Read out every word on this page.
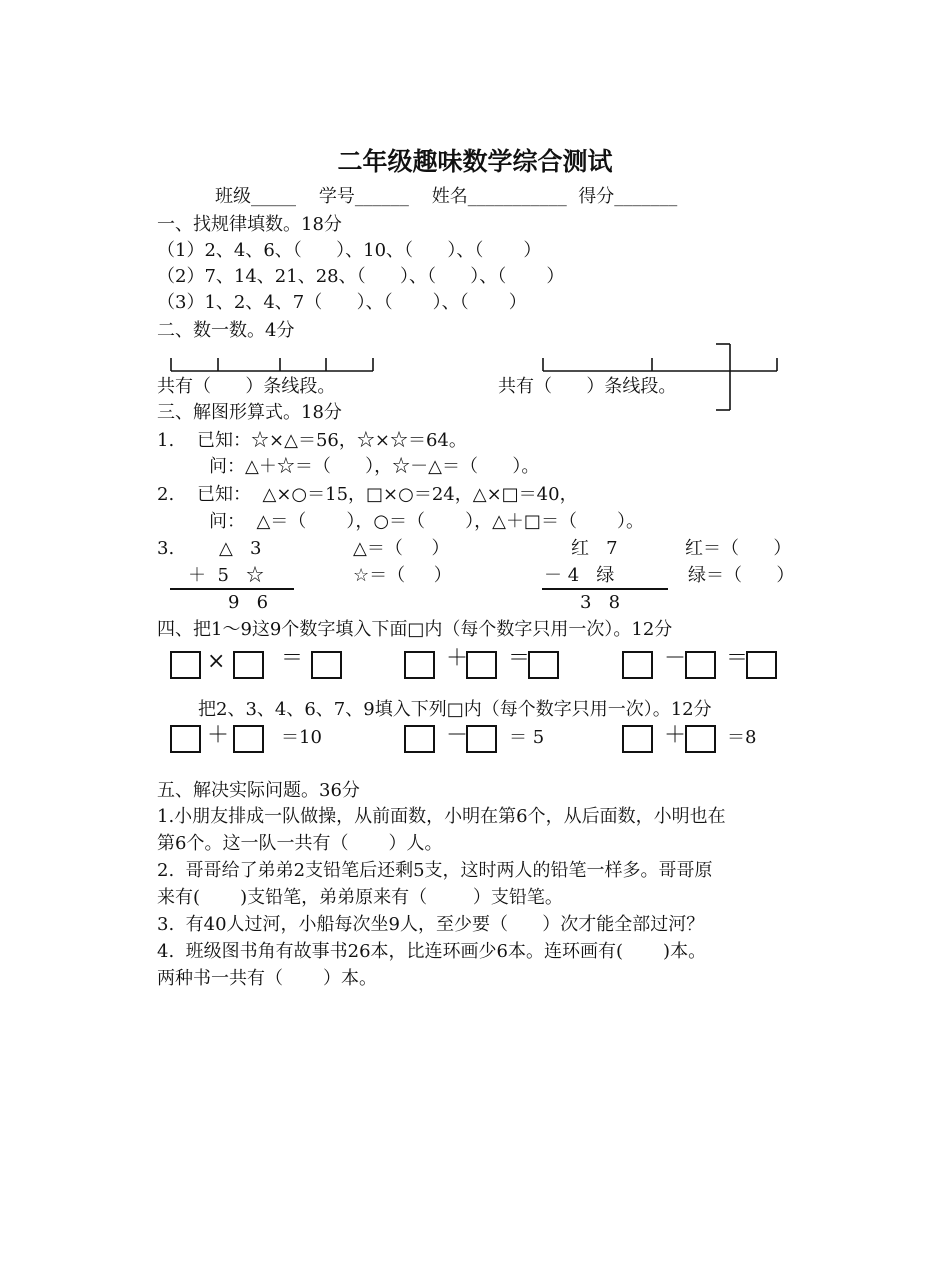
二年级趣味数学综合测试
班级_____    学号______    姓名___________  得分_______
一、找规律填数。18分
（1）2、4、6、（      ）、10、（      ）、（       ）
（2）7、14、21、28、（      ）、（      ）、（       ）
（3）1、2、4、7（      ）、（       ）、（       ）
二、数一数。4分
共有（      ）条线段。	共有（      ）条线段。
三、解图形算式。18分
1.    已知：☆×△＝56，☆×☆＝64。
问：△＋☆＝（      ），☆－△＝（      ）。
2.    已知：  △×○＝15，□×○＝24，△×□＝40，
问：  △＝（       ），○＝（       ），△＋□＝（       ）。
3. △   3
＋  5   ☆
9   6
△＝（     ）
☆＝（     ）
红   7
－ 4   绿
3   8
红＝（      ）
绿＝（      ）
四、把1～9这9个数字填入下面□内（每个数字只用一次）。12分
×	＝	＋ ＝	－ ＝
把2、3、4、6、7、9填入下列□内（每个数字只用一次）。12分
＋	＝10	－ ＝ 5	＋ ＝8
五、解决实际问题。36分
1.小朋友排成一队做操，从前面数，小明在第6个，从后面数，小明也在
第6个。这一队一共有（       ）人。
2.  哥哥给了弟弟2支铅笔后还剩5支，这时两人的铅笔一样多。哥哥原
来有(       )支铅笔，弟弟原来有（        ）支铅笔。
3.  有40人过河，小船每次坐9人，至少要（      ）次才能全部过河？
4.  班级图书角有故事书26本，比连环画少6本。连环画有(       )本。
两种书一共有（       ）本。
